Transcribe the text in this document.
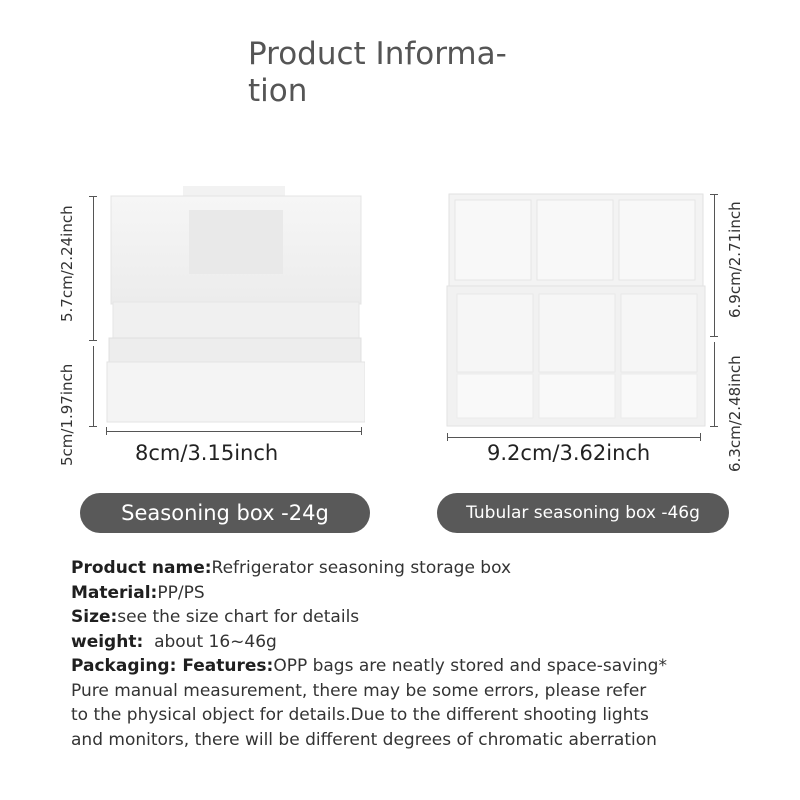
Product Informa-
tion
5.7cm/2.24inch
5cm/1.97inch	8cm/3.15inch
Seasoning box -24g
6.9cm/2.71inch
6.3cm/2.48inch
9.2cm/3.62inch
Tubular seasoning box -46g
Product name:Refrigerator seasoning storage box
Material:PP/PS
Size:see the size chart for details
weight:  about 16~46g
Packaging: Features:OPP bags are neatly stored and space-saving*
Pure manual measurement, there may be some errors, please refer
to the physical object for details.Due to the different shooting lights
and monitors, there will be different degrees of chromatic aberration
